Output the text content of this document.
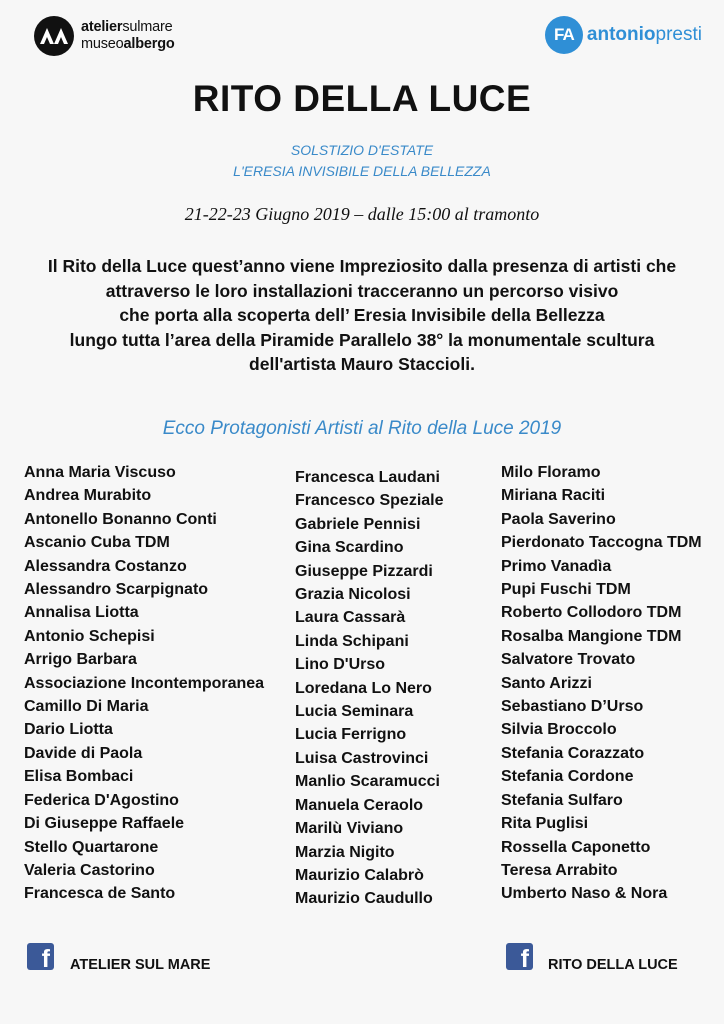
ateliersulmare
museoalbergo	FA antoniopresti
RITO DELLA LUCE
SOLSTIZIO D'ESTATE
L'ERESIA INVISIBILE DELLA BELLEZZA
21-22-23 Giugno 2019 – dalle 15:00 al tramonto
Il Rito della Luce quest’anno viene Impreziosito dalla presenza di artisti che
attraverso le loro installazioni tracceranno un percorso visivo
che porta alla scoperta dell’ Eresia Invisibile della Bellezza
lungo tutta l’area della Piramide Parallelo 38° la monumentale scultura
dell'artista Mauro Staccioli.
Ecco Protagonisti Artisti al Rito della Luce 2019
Anna Maria Viscuso
Andrea Murabito
Antonello Bonanno Conti
Ascanio Cuba TDM
Alessandra Costanzo
Alessandro Scarpignato
Annalisa Liotta
Antonio Schepisi
Arrigo Barbara
Associazione Incontemporanea
Camillo Di Maria
Dario Liotta
Davide di Paola
Elisa Bombaci
Federica D'Agostino
Di Giuseppe Raffaele
Stello Quartarone
Valeria Castorino
Francesca de Santo
Francesca Laudani
Francesco Speziale
Gabriele Pennisi
Gina Scardino
Giuseppe Pizzardi
Grazia Nicolosi
Laura Cassarà
Linda Schipani
Lino D'Urso
Loredana Lo Nero
Lucia Seminara
Lucia Ferrigno
Luisa Castrovinci
Manlio Scaramucci
Manuela Ceraolo
Marilù Viviano
Marzia Nigito
Maurizio Calabrò
Maurizio Caudullo
Milo Floramo
Miriana Raciti
Paola Saverino
Pierdonato Taccogna TDM
Primo Vanadìa
Pupi Fuschi TDM
Roberto Collodoro TDM
Rosalba Mangione TDM
Salvatore Trovato
Santo Arizzi
Sebastiano D’Urso
Silvia Broccolo
Stefania Corazzato
Stefania Cordone
Stefania Sulfaro
Rita Puglisi
Rossella Caponetto
Teresa Arrabito
Umberto Naso & Nora
f ATELIER SUL MARE	f RITO DELLA LUCE
